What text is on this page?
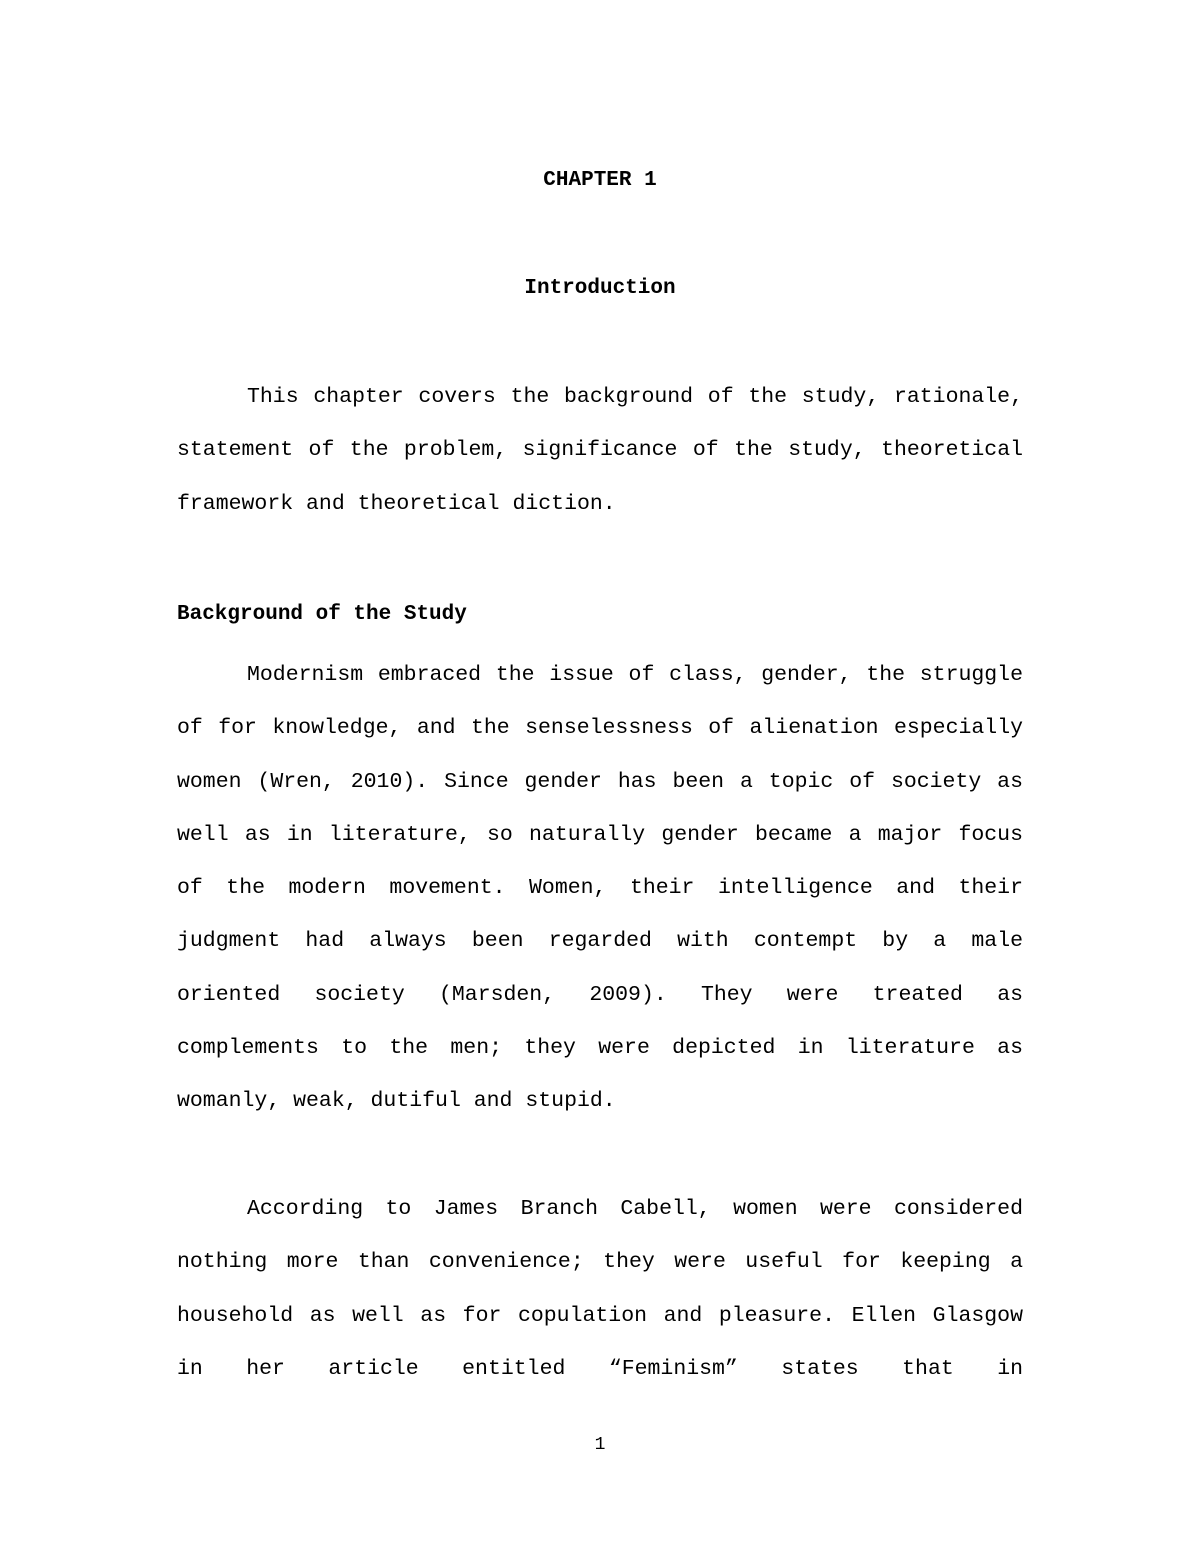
CHAPTER 1
Introduction

This chapter covers the background of the study, rationale, statement of the problem, significance of the study, theoretical framework and theoretical diction.

Background of the Study

Modernism embraced the issue of class, gender, the struggle of for knowledge, and the senselessness of alienation especially women (Wren, 2010). Since gender has been a topic of society as well as in literature, so naturally gender became a major focus of the modern movement. Women, their intelligence and their judgment had always been regarded with contempt by a male oriented society (Marsden, 2009). They were treated as complements to the men; they were depicted in literature as womanly, weak, dutiful and stupid.

According to James Branch Cabell, women were considered nothing more than convenience; they were useful for keeping a household as well as for copulation and pleasure. Ellen Glasgow in her article entitled “Feminism” states that in

1
